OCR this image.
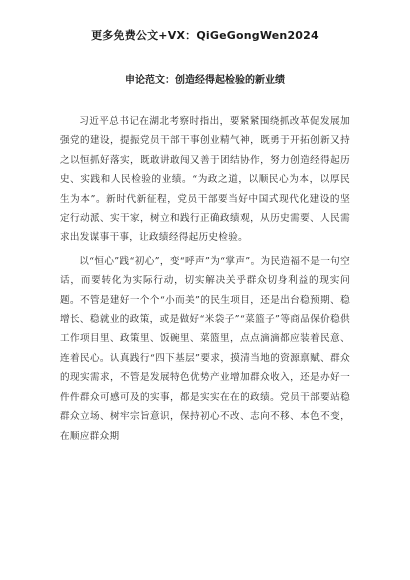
更多免费公文+VX：QiGeGongWen2024
申论范文：创造经得起检验的新业绩

习近平总书记在湖北考察时指出，要紧紧围绕抓改革促发展加强党的建设，提振党员干部干事创业精气神，既勇于开拓创新又持之以恒抓好落实，既敢讲敢闯又善于团结协作，努力创造经得起历史、实践和人民检验的业绩。“为政之道，以顺民心为本，以厚民生为本”。新时代新征程，党员干部要当好中国式现代化建设的坚定行动派、实干家，树立和践行正确政绩观，从历史需要、人民需求出发谋事干事，让政绩经得起历史检验。

以“恒心”践“初心”，变“呼声”为“掌声”。为民造福不是一句空话，而要转化为实际行动，切实解决关乎群众切身利益的现实问题。不管是建好一个个“小而美”的民生项目，还是出台稳预期、稳增长、稳就业的政策，或是做好“米袋子”“菜篮子”等商品保价稳供工作项目里、政策里、饭碗里、菜篮里，点点滴滴都应装着民意、连着民心。认真践行“四下基层”要求，摸清当地的资源禀赋、群众的现实需求，不管是发展特色优势产业增加群众收入，还是办好一件件群众可感可及的实事，都是实实在在的政绩。党员干部要站稳群众立场、树牢宗旨意识，保持初心不改、志向不移、本色不变，在顺应群众期
